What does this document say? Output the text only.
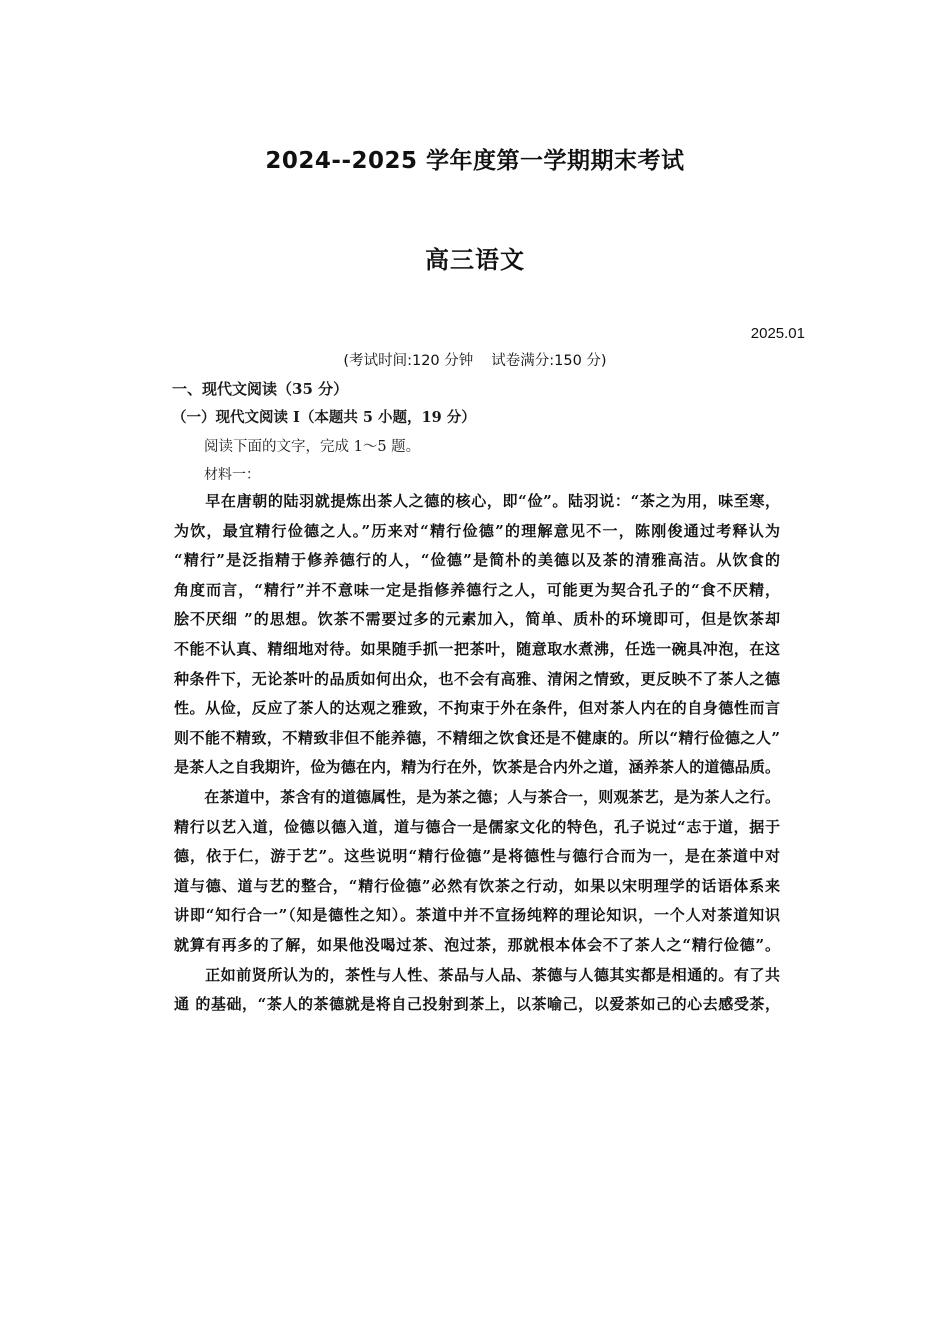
2024--2025 学年度第一学期期末考试
高三语文
2025.01
(考试时间:120 分钟 试卷满分:150 分)
一、现代文阅读（35 分）
（一）现代文阅读 I（本题共 5 小题，19 分）
阅读下面的文字，完成 1～5 题。
材料一：

　　早在唐朝的陆羽就提炼出茶人之德的核心，即“俭”。陆羽说：“茶之为用，味至寒，

为饮，最宜精行俭德之人。”历来对“精行俭德”的理解意见不一，陈刚俊通过考释认为

“精行”是泛指精于修养德行的人，“俭德”是简朴的美德以及茶的清雅高洁。从饮食的

角度而言，“精行”并不意味一定是指修养德行之人，可能更为契合孔子的“食不厌精，

脍不厌细 ”的思想。饮茶不需要过多的元素加入，简单、质朴的环境即可，但是饮茶却

不能不认真、精细地对待。如果随手抓一把茶叶，随意取水煮沸，任选一碗具冲泡，在这

种条件下，无论茶叶的品质如何出众，也不会有高雅、清闲之情致，更反映不了茶人之德

性。从俭，反应了茶人的达观之雅致，不拘束于外在条件，但对茶人内在的自身德性而言

则不能不精致，不精致非但不能养德，不精细之饮食还是不健康的。所以“精行俭德之人”

是茶人之自我期许，俭为德在内，精为行在外，饮茶是合内外之道，涵养茶人的道德品质。

　　在茶道中，茶含有的道德属性，是为茶之德；人与茶合一，则观茶艺，是为茶人之行。

精行以艺入道，俭德以德入道，道与德合一是儒家文化的特色，孔子说过“志于道，据于

德，依于仁，游于艺”。这些说明“精行俭德”是将德性与德行合而为一，是在茶道中对

道与德、道与艺的整合，“精行俭德”必然有饮茶之行动，如果以宋明理学的话语体系来

讲即“知行合一”（知是德性之知）。茶道中并不宣扬纯粹的理论知识，一个人对茶道知识

就算有再多的了解，如果他没喝过茶、泡过茶，那就根本体会不了茶人之“精行俭德”。

　　正如前贤所认为的，茶性与人性、茶品与人品、茶德与人德其实都是相通的。有了共

通 的基础，“茶人的茶德就是将自己投射到茶上，以茶喻己，以爱茶如己的心去感受茶，
